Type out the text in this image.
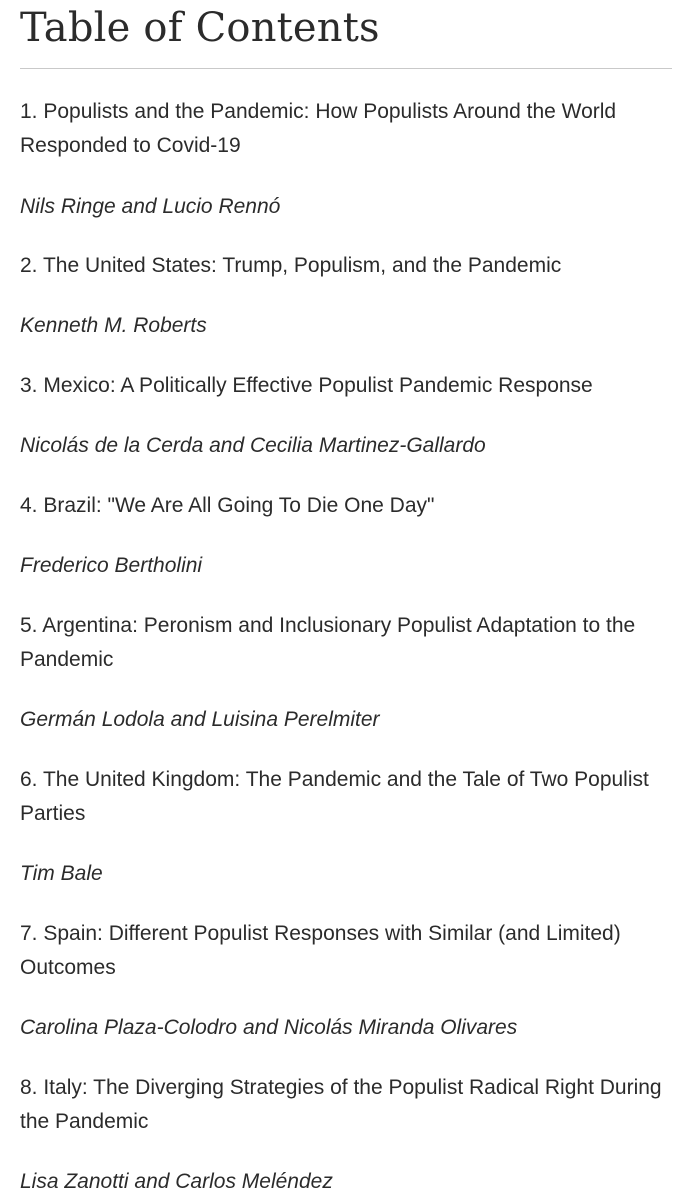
Table of Contents

1. Populists and the Pandemic: How Populists Around the World Responded to Covid-19

Nils Ringe and Lucio Rennó

2. The United States: Trump, Populism, and the Pandemic

Kenneth M. Roberts

3. Mexico: A Politically Effective Populist Pandemic Response

Nicolás de la Cerda and Cecilia Martinez-Gallardo

4. Brazil: "We Are All Going To Die One Day"

Frederico Bertholini

5. Argentina: Peronism and Inclusionary Populist Adaptation to the Pandemic

Germán Lodola and Luisina Perelmiter

6. The United Kingdom: The Pandemic and the Tale of Two Populist Parties

Tim Bale

7. Spain: Different Populist Responses with Similar (and Limited) Outcomes

Carolina Plaza-Colodro and Nicolás Miranda Olivares

8. Italy: The Diverging Strategies of the Populist Radical Right During the Pandemic

Lisa Zanotti and Carlos Meléndez
